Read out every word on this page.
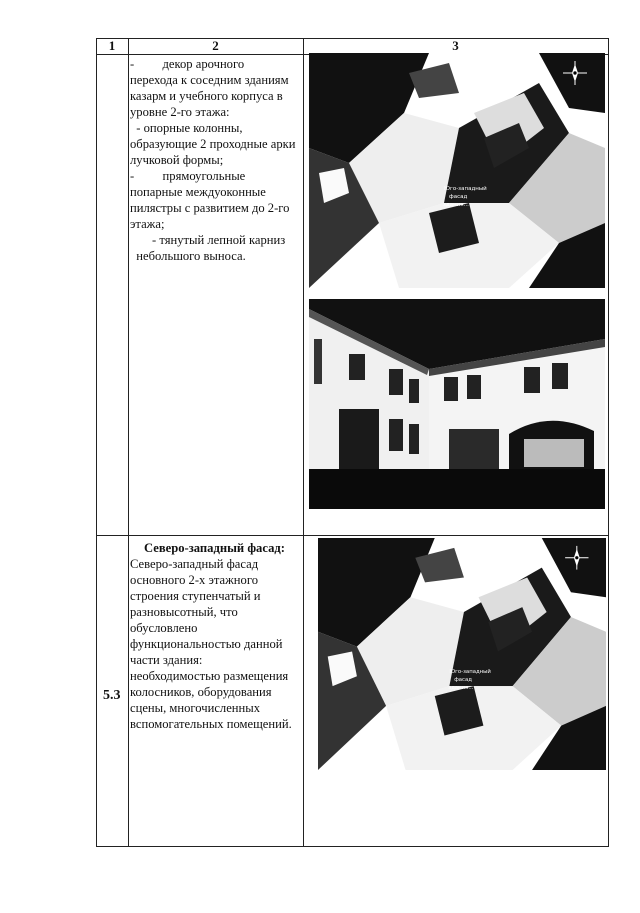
1	2	3
-         декор арочного
перехода к соседним зданиям
казарм и учебного корпуса в
уровне 2-го этажа:
- опорные колонны,
образующие 2 проходные арки
лучковой формы;
-         прямоугольные
попарные междуоконные
пилястры с развитием до 2-го
этажа;
- тянутый лепной карниз
небольшого выноса.
Юго-западный
фасад
здания...
5.3
Северо-западный фасад:
Северо-западный фасад
основного 2-х этажного
строения ступенчатый и
разновысотный, что
обусловлено
функциональностью данной
части здания:
необходимостью размещения
колосников, оборудования
сцены, многочисленных
вспомогательных помещений.
Юго-западный
фасад
здания...
